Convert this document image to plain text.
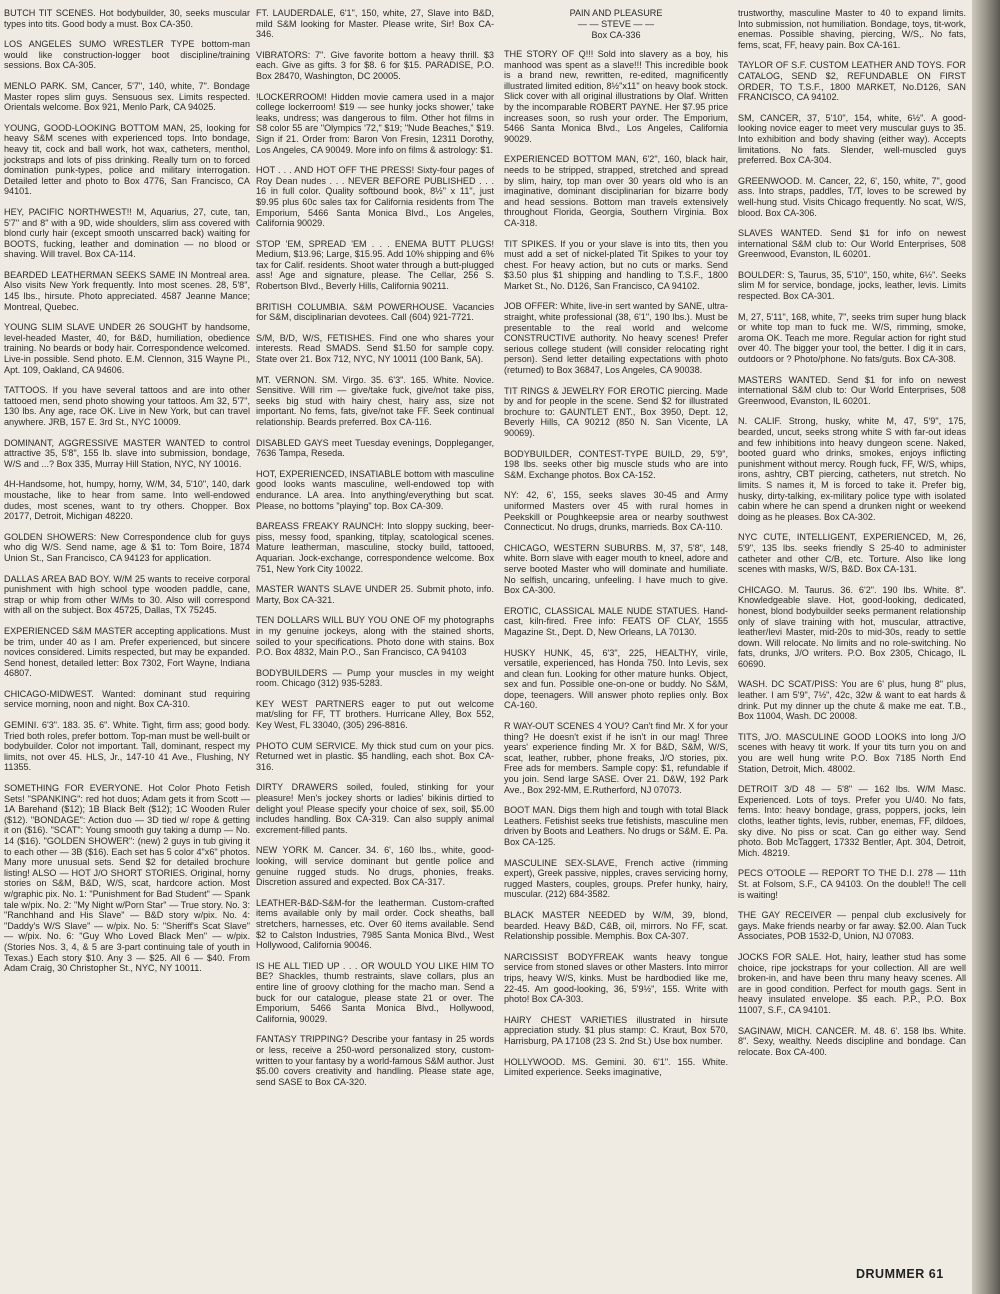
BUTCH TIT SCENES. Hot bodybuilder, 30, seeks muscular types into tits. Good body a must. Box CA-350.

LOS ANGELES SUMO WRESTLER TYPE bottom-man would like construction-logger boot discipline/training sessions. Box CA-305.

MENLO PARK. SM, Cancer, 5'7", 140, white, 7". Bondage Master ropes slim guys. Sensuous sex. Limits respected. Orientals welcome. Box 921, Menlo Park, CA 94025.

YOUNG, GOOD-LOOKING BOTTOM MAN, 25, looking for heavy S&M scenes with experienced tops. Into bondage, heavy tit, cock and ball work, hot wax, catheters, menthol, jockstraps and lots of piss drinking. Really turn on to forced domination punk-types, police and military interrogation. Detailed letter and photo to Box 4776, San Francisco, CA 94101.

HEY, PACIFIC NORTHWEST!! M, Aquarius, 27, cute, tan, 5'7" and 8" with a 9D, wide shoulders, slim ass covered with blond curly hair (except smooth unscarred back) waiting for BOOTS, fucking, leather and domination — no blood or shaving. Will travel. Box CA-114.

BEARDED LEATHERMAN SEEKS SAME IN Montreal area. Also visits New York frequently. Into most scenes. 28, 5'8", 145 lbs., hirsute. Photo appreciated. 4587 Jeanne Mance; Montreal, Quebec.

YOUNG SLIM SLAVE UNDER 26 SOUGHT by handsome, level-headed Master, 40, for B&D, humiliation, obedience training. No beards or body hair. Correspondence welcomed. Live-in possible. Send photo. E.M. Clennon, 315 Wayne Pl., Apt. 109, Oakland, CA 94606.

TATTOOS. If you have several tattoos and are into other tattooed men, send photo showing your tattoos. Am 32, 5'7", 130 lbs. Any age, race OK. Live in New York, but can travel anywhere. JRB, 157 E. 3rd St., NYC 10009.

DOMINANT, AGGRESSIVE MASTER WANTED to control attractive 35, 5'8", 155 lb. slave into submission, bondage, W/S and ...? Box 335, Murray Hill Station, NYC, NY 10016.

4H-Handsome, hot, humpy, horny, W/M, 34, 5'10", 140, dark moustache, like to hear from same. Into well-endowed dudes, most scenes, want to try others. Chopper. Box 20177, Detroit, Michigan 48220.

GOLDEN SHOWERS: New Correspondence club for guys who dig W/S. Send name, age & $1 to: Tom Boire, 1874 Union St., San Francisco, CA 94123 for application.

DALLAS AREA BAD BOY. W/M 25 wants to receive corporal punishment with high school type wooden paddle, cane, strap or whip from other W/Ms to 30. Also will correspond with all on the subject. Box 45725, Dallas, TX 75245.

EXPERIENCED S&M MASTER accepting applications. Must be trim, under 40 as I am. Prefer experienced, but sincere novices considered. Limits respected, but may be expanded. Send honest, detailed letter: Box 7302, Fort Wayne, Indiana 46807.

CHICAGO-MIDWEST. Wanted: dominant stud requiring service morning, noon and night. Box CA-310.

GEMINI. 6'3". 183. 35. 6". White. Tight, firm ass; good body. Tried both roles, prefer bottom. Top-man must be well-built or bodybuilder. Color not important. Tall, dominant, respect my limits, not over 45. HLS, Jr., 147-10 41 Ave., Flushing, NY 11355.

SOMETHING FOR EVERYONE. Hot Color Photo Fetish Sets! "SPANKING": red hot duos; Adam gets it from Scott — 1A Barehand ($12); 1B Black Belt ($12); 1C Wooden Ruler ($12). "BONDAGE": Action duo — 3D tied w/ rope & getting it on ($16). "SCAT": Young smooth guy taking a dump — No. 14 ($16). "GOLDEN SHOWER": (new) 2 guys in tub giving it to each other — 3B ($16). Each set has 5 color 4"x6" photos. Many more unusual sets. Send $2 for detailed brochure listing! ALSO — HOT J/O SHORT STORIES. Original, horny stories on S&M, B&D, W/S, scat, hardcore action. Most w/graphic pix. No. 1: "Punishment for Bad Student" — Spank tale w/pix. No. 2: "My Night w/Porn Star" — True story. No. 3: "Ranchhand and His Slave" — B&D story w/pix. No. 4: "Daddy's W/S Slave" — w/pix. No. 5: "Sheriff's Scat Slave" — w/pix. No. 6: "Guy Who Loved Black Men" — w/pix. (Stories Nos. 3, 4, & 5 are 3-part continuing tale of youth in Texas.) Each story $10. Any 3 — $25. All 6 — $40. From Adam Craig, 30 Christopher St., NYC, NY 10011.

FT. LAUDERDALE, 6'1", 150, white, 27, Slave into B&D, mild S&M looking for Master. Please write, Sir! Box CA-346.

VIBRATORS: 7". Give favorite bottom a heavy thrill. $3 each. Give as gifts. 3 for $8. 6 for $15. PARADISE, P.O. Box 28470, Washington, DC 20005.

!LOCKERROOM! Hidden movie camera used in a major college lockerroom! $19 — see hunky jocks shower,' take leaks, undress; was dangerous to film. Other hot films in S8 color 55 are "Olympics '72," $19; "Nude Beaches," $19. Sign if 21. Order from: Baron Von Fresin, 12311 Dorothy, Los Angeles, CA 90049. More info on films & astrology: $1.

HOT . . . AND HOT OFF THE PRESS! Sixty-four pages of Roy Dean nudes . . . NEVER BEFORE PUBLISHED . . . 16 in full color. Quality softbound book, 8½" x 11", just $9.95 plus 60c sales tax for California residents from The Emporium, 5466 Santa Monica Blvd., Los Angeles, California 90029.

STOP 'EM, SPREAD 'EM . . . ENEMA BUTT PLUGS! Medium, $13.96; Large, $15.95. Add 10% shipping and 6% tax for Calif. residents. Shoot water through a butt-plugged ass! Age and signature, please. The Cellar, 256 S. Robertson Blvd., Beverly Hills, California 90211.

BRITISH COLUMBIA. S&M POWERHOUSE. Vacancies for S&M, disciplinarian devotees. Call (604) 921-7721.

S/M, B/D, W/S, FETISHES. Find one who shares your interests. Read SMADS. Send $1.50 for sample copy. State over 21. Box 712, NYC, NY 10011 (100 Bank, 5A).

MT. VERNON. SM. Virgo. 35. 6'3". 165. White. Novice. Sensitive. Will rim — give/take fuck, give/not take piss, seeks big stud with hairy chest, hairy ass, size not important. No fems, fats, give/not take FF. Seek continual relationship. Beards preferred. Box CA-116.

DISABLED GAYS meet Tuesday evenings, Doppleganger, 7636 Tampa, Reseda.

HOT, EXPERIENCED, INSATIABLE bottom with masculine good looks wants masculine, well-endowed top with endurance. LA area. Into anything/everything but scat. Please, no bottoms "playing" top. Box CA-309.

BAREASS FREAKY RAUNCH: Into sloppy sucking, beer-piss, messy food, spanking, titplay, scatological scenes. Mature leatherman, masculine, stocky build, tattooed, Aquarian. Jock-exchange, correspondence welcome. Box 751, New York City 10022.

MASTER WANTS SLAVE UNDER 25. Submit photo, info. Marty, Box CA-321.

TEN DOLLARS WILL BUY YOU ONE OF my photographs in my genuine jockeys, along with the stained shorts, soiled to your specifications. Photo done with stains. Box P.O. Box 4832, Main P.O., San Francisco, CA 94103

BODYBUILDERS — Pump your muscles in my weight room. Chicago (312) 935-5283.

KEY WEST PARTNERS eager to put out welcome mat/sling for FF, TT brothers. Hurricane Alley, Box 552, Key West, FL 33040, (305) 296-8816.

PHOTO CUM SERVICE. My thick stud cum on your pics. Returned wet in plastic. $5 handling, each shot. Box CA-316.

DIRTY DRAWERS soiled, fouled, stinking for your pleasure! Men's jockey shorts or ladies' bikinis dirtied to delight you! Please specify your choice of sex, soil, $5.00 includes handling. Box CA-319. Can also supply animal excrement-filled pants.

NEW YORK M. Cancer. 34. 6', 160 lbs., white, good-looking, will service dominant but gentle police and genuine rugged studs. No drugs, phonies, freaks. Discretion assured and expected. Box CA-317.

LEATHER-B&D-S&M-for the leatherman. Custom-crafted items available only by mail order. Cock sheaths, ball stretchers, harnesses, etc. Over 60 items available. Send $2 to Calston Industries, 7985 Santa Monica Blvd., West Hollywood, California 90046.

IS HE ALL TIED UP . . . OR WOULD YOU LIKE HIM TO BE? Shackles, thumb restraints, slave collars, plus an entire line of groovy clothing for the macho man. Send a buck for our catalogue, please state 21 or over. The Emporium, 5466 Santa Monica Blvd., Hollywood, California, 90029.

FANTASY TRIPPING? Describe your fantasy in 25 words or less, receive a 250-word personalized story, custom-written to your fantasy by a world-famous S&M author. Just $5.00 covers creativity and handling. Please state age, send SASE to Box CA-320.

PAIN AND PLEASURE
— — STEVE — —
Box CA-336

THE STORY OF Q!!! Sold into slavery as a boy, his manhood was spent as a slave!!! This incredible book is a brand new, rewritten, re-edited, magnificently illustrated limited edition, 8½"x11" on heavy book stock. Slick cover with all original illustrations by Olaf. Written by the incomparable ROBERT PAYNE. Her $7.95 price increases soon, so rush your order. The Emporium, 5466 Santa Monica Blvd., Los Angeles, California 90029.

EXPERIENCED BOTTOM MAN, 6'2", 160, black hair, needs to be stripped, strapped, stretched and spread by slim, hairy, top man over 30 years old who is an imaginative, dominant disciplinarian for bizarre body and head sessions. Bottom man travels extensively throughout Florida, Georgia, Southern Virginia. Box CA-318.

TIT SPIKES. If you or your slave is into tits, then you must add a set of nickel-plated Tit Spikes to your toy chest. For heavy action, but no cuts or marks. Send $3.50 plus $1 shipping and handling to T.S.F., 1800 Market St., No. D126, San Francisco, CA 94102.

JOB OFFER: White, live-in sert wanted by SANE, ultra-straight, white professional (38, 6'1", 190 lbs.). Must be presentable to the real world and welcome CONSTRUCTIVE authority. No heavy scenes! Prefer serious college student (will consider relocating right person). Send letter detailing expectations with photo (returned) to Box 36847, Los Angeles, CA 90038.

TIT RINGS & JEWELRY FOR EROTIC piercing. Made by and for people in the scene. Send $2 for illustrated brochure to: GAUNTLET ENT., Box 3950, Dept. 12, Beverly Hills, CA 90212 (850 N. San Vicente, LA 90069).

BODYBUILDER, CONTEST-TYPE BUILD, 29, 5'9", 198 lbs. seeks other big muscle studs who are into S&M. Exchange photos. Box CA-152.

NY: 42, 6', 155, seeks slaves 30-45 and Army uniformed Masters over 45 with rural homes in Peekskill or Poughkeepsie area or nearby southwest Connecticut. No drugs, drunks, marrieds. Box CA-110.

CHICAGO, WESTERN SUBURBS. M, 37, 5'8", 148, white. Born slave with eager mouth to kneel, adore and serve booted Master who will dominate and humiliate. No selfish, uncaring, unfeeling. I have much to give. Box CA-300.

EROTIC, CLASSICAL MALE NUDE STATUES. Hand-cast, kiln-fired. Free info: FEATS OF CLAY, 1555 Magazine St., Dept. D, New Orleans, LA 70130.

HUSKY HUNK, 45, 6'3", 225, HEALTHY, virile, versatile, experienced, has Honda 750. Into Levis, sex and clean fun. Looking for other mature hunks. Object, sex and fun. Possible one-on-one or buddy. No S&M, dope, teenagers. Will answer photo replies only. Box CA-160.

R WAY-OUT SCENES 4 YOU? Can't find Mr. X for your thing? He doesn't exist if he isn't in our mag! Three years' experience finding Mr. X for B&D, S&M, W/S, scat, leather, rubber, phone freaks, J/O stories, pix. Free ads for members. Sample copy: $1, refundable if you join. Send large SASE. Over 21. D&W, 192 Park Ave., Box 292-MM, E.Rutherford, NJ 07073.

BOOT MAN. Digs them high and tough with total Black Leathers. Fetishist seeks true fetishists, masculine men driven by Boots and Leathers. No drugs or S&M. E. Pa. Box CA-125.

MASCULINE SEX-SLAVE, French active (rimming expert), Greek passive, nipples, craves servicing horny, rugged Masters, couples, groups. Prefer hunky, hairy, muscular. (212) 684-3582.

BLACK MASTER NEEDED by W/M, 39, blond, bearded. Heavy B&D, C&B, oil, mirrors. No FF, scat. Relationship possible. Memphis. Box CA-307.

NARCISSIST BODYFREAK wants heavy tongue service from stoned slaves or other Masters. Into mirror trips, heavy W/S, kinks. Must be hardbodied like me, 22-45. Am good-looking, 36, 5'9½", 155. Write with photo! Box CA-303.

HAIRY CHEST VARIETIES illustrated in hirsute appreciation study. $1 plus stamp: C. Kraut, Box 570, Harrisburg, PA 17108 (23 S. 2nd St.) Use box number.

HOLLYWOOD. MS. Gemini. 30. 6'1". 155. White. Limited experience. Seeks imaginative,

trustworthy, masculine Master to 40 to expand limits. Into submission, not humiliation. Bondage, toys, tit-work, enemas. Possible shaving, piercing, W/S,. No fats, fems, scat, FF, heavy pain. Box CA-161.

TAYLOR OF S.F. CUSTOM LEATHER AND TOYS. FOR CATALOG, SEND $2, REFUNDABLE ON FIRST ORDER, TO T.S.F., 1800 MARKET, No.D126, SAN FRANCISCO, CA 94102.

SM, CANCER, 37, 5'10", 154, white, 6½". A good-looking novice eager to meet very muscular guys to 35. Into exhibition and body shaving (either way). Accepts limitations. No fats. Slender, well-muscled guys preferred. Box CA-304.

GREENWOOD. M. Cancer, 22, 6', 150, white, 7", good ass. Into straps, paddles, T/T, loves to be screwed by well-hung stud. Visits Chicago frequently. No scat, W/S, blood. Box CA-306.

SLAVES WANTED. Send $1 for info on newest international S&M club to: Our World Enterprises, 508 Greenwood, Evanston, IL 60201.

BOULDER: S, Taurus, 35, 5'10", 150, white, 6½". Seeks slim M for service, bondage, jocks, leather, levis. Limits respected. Box CA-301.

M, 27, 5'11", 168, white, 7", seeks trim super hung black or white top man to fuck me. W/S, rimming, smoke, aroma OK. Teach me more. Regular action for right stud over 40. The bigger your tool, the better. I dig it in cars, outdoors or ? Photo/phone. No fats/guts. Box CA-308.

MASTERS WANTED. Send $1 for info on newest international S&M club to: Our World Enterprises, 508 Greenwood, Evanston, IL 60201.

N. CALIF. Strong, husky, white M, 47, 5'9", 175, bearded, uncut, seeks strong white S with far-out ideas and few inhibitions into heavy dungeon scene. Naked, booted guard who drinks, smokes, enjoys inflicting punishment without mercy. Rough fuck, FF, W/S, whips, irons, ashtry, CBT piercing, catheters, nut stretch. No limits. S names it, M is forced to take it. Prefer big, husky, dirty-talking, ex-military police type with isolated cabin where he can spend a drunken night or weekend doing as he pleases. Box CA-302.

NYC CUTE, INTELLIGENT, EXPERIENCED, M, 26, 5'9", 135 lbs. seeks friendly S 25-40 to administer catheter and other C/B, etc. Torture. Also like long scenes with masks, W/S, B&D. Box CA-131.

CHICAGO. M. Taurus. 36. 6'2". 190 lbs. White. 8". Knowledgeable slave. Hot, good-looking, dedicated, honest, blond bodybuilder seeks permanent relationship only of slave training with hot, muscular, attractive, leather/levi Master, mid-20s to mid-30s, ready to settle down. Will relocate. No limits and no role-switching. No fats, drunks, J/O writers. P.O. Box 2305, Chicago, IL 60690.

WASH. DC SCAT/PISS: You are 6' plus, hung 8" plus, leather. I am 5'9", 7½", 42c, 32w & want to eat hards & drink. Put my dinner up the chute & make me eat. T.B., Box 11004, Wash. DC 20008.

TITS, J/O. MASCULINE GOOD LOOKS into long J/O scenes with heavy tit work. If your tits turn you on and you are well hung write P.O. Box 7185 North End Station, Detroit, Mich. 48002.

DETROIT 3/D 48 — 5'8" — 162 lbs. W/M Masc. Experienced. Lots of toys. Prefer you U/40. No fats, fems. Into: heavy bondage, grass, poppers, jocks, lein cloths, leather tights, levis, rubber, enemas, FF, dildoes, sky dive. No piss or scat. Can go either way. Send photo. Bob McTaggert, 17332 Bentler, Apt. 304, Detroit, Mich. 48219.

PECS O'TOOLE — REPORT TO THE D.I. 278 — 11th St. at Folsom, S.F., CA 94103. On the double!! The cell is waiting!

THE GAY RECEIVER — penpal club exclusively for gays. Make friends nearby or far away. $2.00. Alan Tuck Associates, POB 1532-D, Union, NJ 07083.

JOCKS FOR SALE. Hot, hairy, leather stud has some choice, ripe jockstraps for your collection. All are well broken-in, and have been thru many heavy scenes. All are in good condition. Perfect for mouth gags. Sent in heavy insulated envelope. $5 each. P.P., P.O. Box 11007, S.F., CA 94101.

SAGINAW, MICH. CANCER. M. 48. 6'. 158 lbs. White. 8". Sexy, wealthy. Needs discipline and bondage. Can relocate. Box CA-400.

DRUMMER 61
